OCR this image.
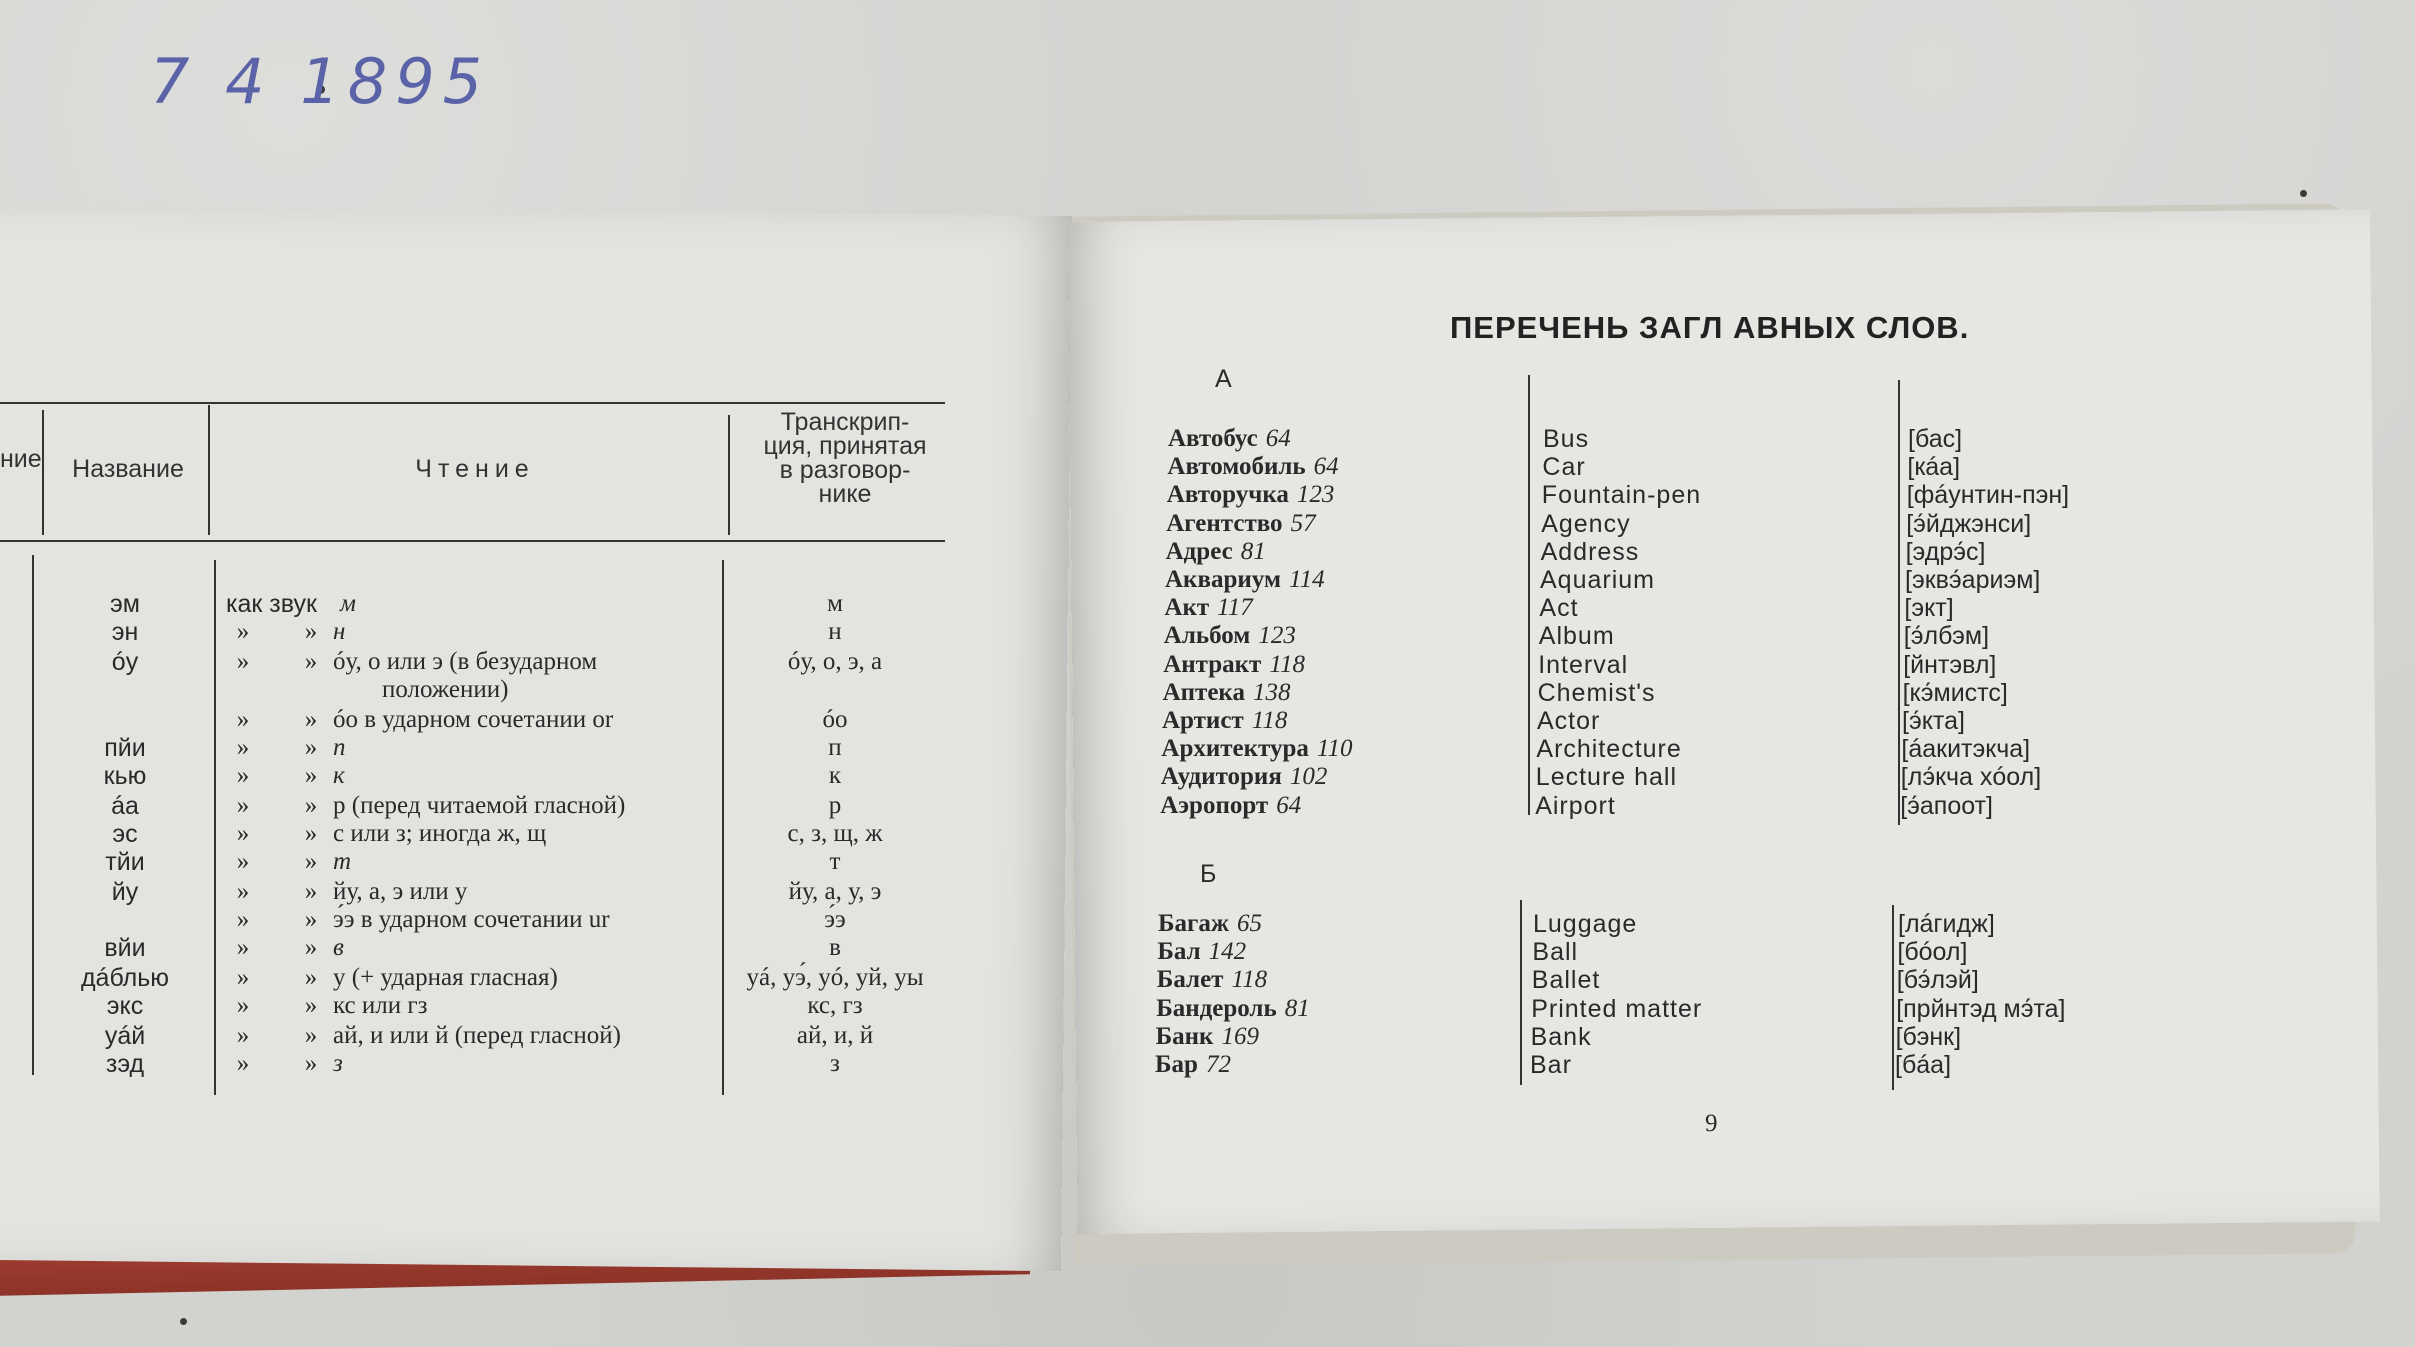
7 4 1895
ние	Название	Чтение
Транскрип-
ция, принятая
в разговор-
нике
эм	как звук м	м
эн	»	» н	н
óу	»	» óу, о или э (в безударном	óу, о, э, а
положении)
»	» óо в ударном сочетании or	óо
пйи	»	» п	п
кью	»	» к	к
áа	»	» р (перед читаемой гласной)	р
эс	»	» с или з; иногда ж, щ	с, з, щ, ж
тйи	»	» т	т
йу	»	» йу, а, э или у	йу, а, у, э
»	» э́э в ударном сочетании ur	э́э
вйи	»	» в	в
дáблью	»	» у (+ ударная гласная)	уá, уэ́, уó, уй, уы
экс	»	» кс или гз	кс, гз
уáй	»	» ай, и или й (перед гласной)	ай, и, й
зэд	»	» з	з
ПЕРЕЧЕНЬ ЗАГЛ АВНЫХ СЛОВ.
А
Автобус 64	Bus	[бас]
Автомобиль 64	Car	[кáа]
Авторучка 123	Fountain-pen	[фáунтин-пэн]
Агентство 57	Agency	[э́йджэнси]
Адрес 81	Address	[эдрэ́с]
Аквариум 114	Aquarium	[эквэ́ариэм]
Акт 117	Act	[экт]
Альбом 123	Album	[э́лбэм]
Антракт 118	Interval	[йнтэвл]
Аптека 138	Chemist's	[кэ́мистс]
Артист 118	Actor	[э́кта]
Архитектура 110	Architecture	[áакитэкча]
Аудитория 102	Lecture hall	[лэ́кча хóол]
Аэропорт 64	Airport	[э́апоот]
Б
Багаж 65	Luggage	[лáгидж]
Бал 142	Ball	[бóол]
Балет 118	Ballet	[бэ́лэй]
Бандероль 81	Printed matter	[прйнтэд мэ́та]
Банк 169	Bank	[бэнк]
Бар 72	Bar	[бáа]
9
